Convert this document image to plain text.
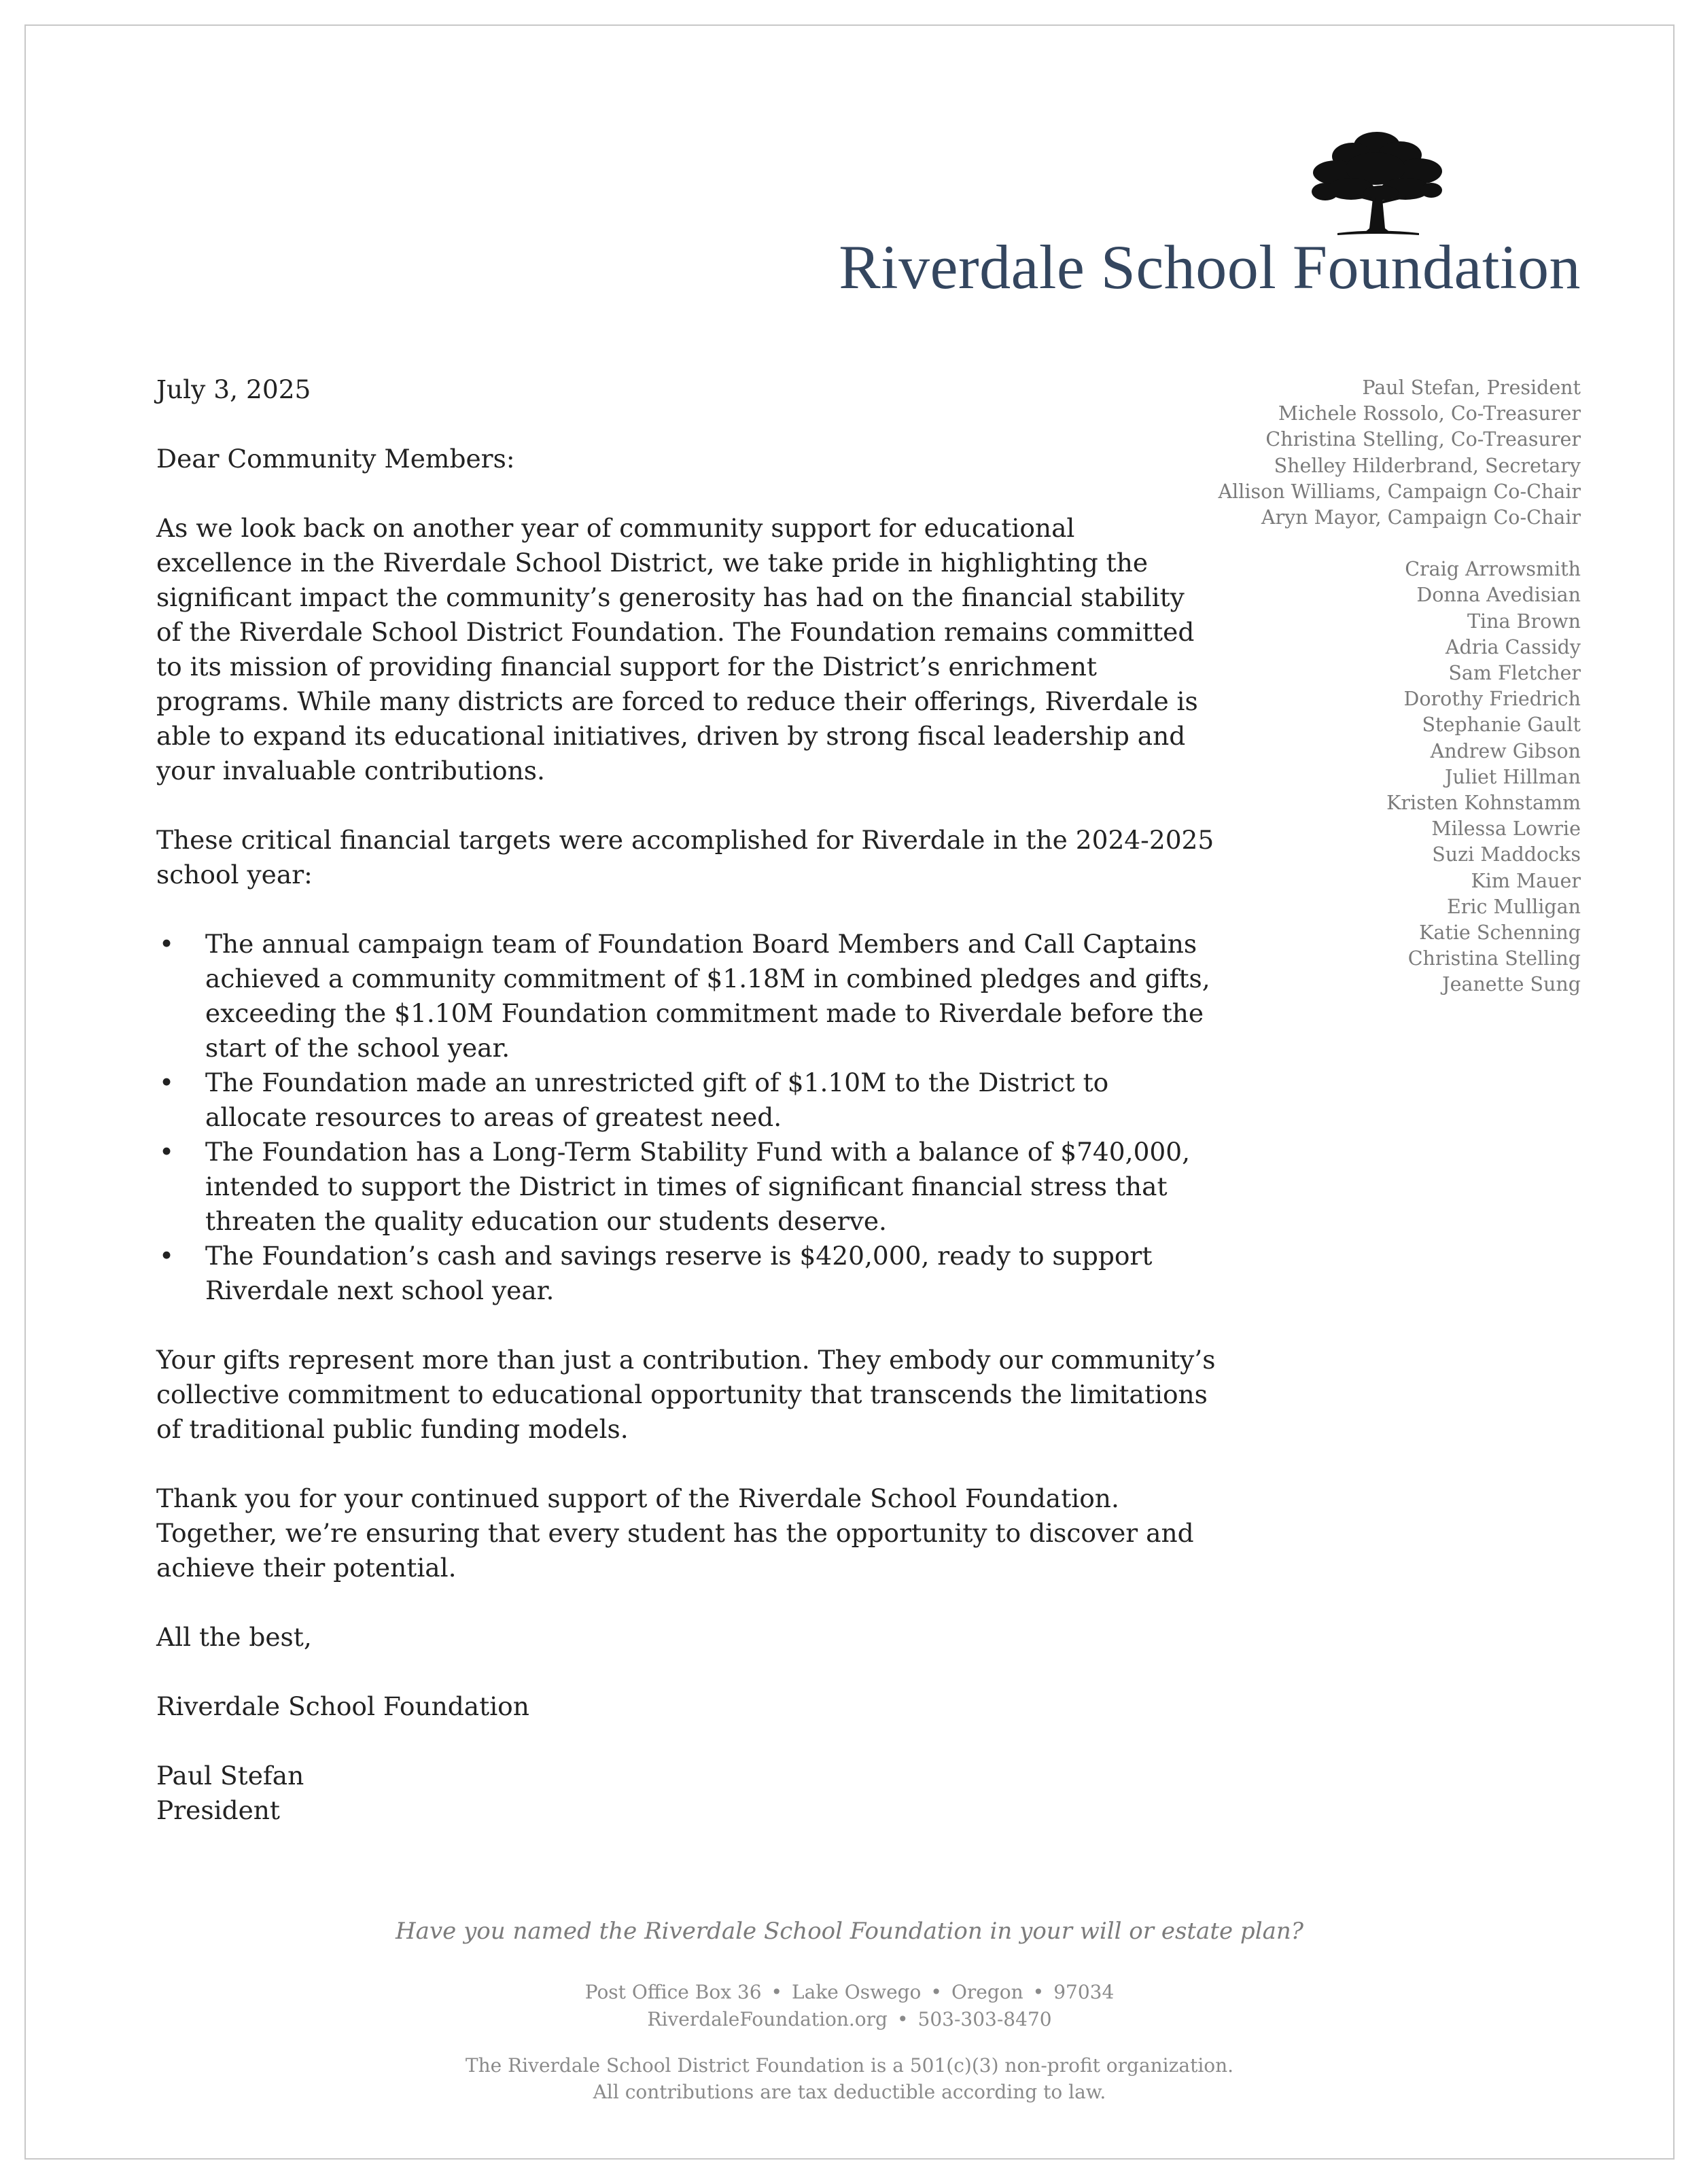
Riverdale School Foundation

July 3, 2025

Dear Community Members:

As we look back on another year of community support for educational excellence in the Riverdale School District, we take pride in highlighting the significant impact the community’s generosity has had on the financial stability of the Riverdale School District Foundation. The Foundation remains committed to its mission of providing financial support for the District’s enrichment programs. While many districts are forced to reduce their offerings, Riverdale is able to expand its educational initiatives, driven by strong fiscal leadership and your invaluable contributions.

These critical financial targets were accomplished for Riverdale in the 2024-2025 school year:

• The annual campaign team of Foundation Board Members and Call Captains achieved a community commitment of $1.18M in combined pledges and gifts, exceeding the $1.10M Foundation commitment made to Riverdale before the start of the school year.
• The Foundation made an unrestricted gift of $1.10M to the District to allocate resources to areas of greatest need.
• The Foundation has a Long-Term Stability Fund with a balance of $740,000, intended to support the District in times of significant financial stress that threaten the quality education our students deserve.
• The Foundation’s cash and savings reserve is $420,000, ready to support Riverdale next school year.

Your gifts represent more than just a contribution. They embody our community’s collective commitment to educational opportunity that transcends the limitations of traditional public funding models.

Thank you for your continued support of the Riverdale School Foundation. Together, we’re ensuring that every student has the opportunity to discover and achieve their potential.

All the best,

Riverdale School Foundation

Paul Stefan

President

Paul Stefan, President
Michele Rossolo, Co-Treasurer
Christina Stelling, Co-Treasurer
Shelley Hilderbrand, Secretary
Allison Williams, Campaign Co-Chair
Aryn Mayor, Campaign Co-Chair
Craig Arrowsmith
Donna Avedisian
Tina Brown
Adria Cassidy
Sam Fletcher
Dorothy Friedrich
Stephanie Gault
Andrew Gibson
Juliet Hillman
Kristen Kohnstamm
Milessa Lowrie
Suzi Maddocks
Kim Mauer
Eric Mulligan
Katie Schenning
Christina Stelling
Jeanette Sung
Have you named the Riverdale School Foundation in your will or estate plan?
Post Office Box 36 • Lake Oswego • Oregon • 97034
RiverdaleFoundation.org • 503-303-8470
The Riverdale School District Foundation is a 501(c)(3) non-profit organization.
All contributions are tax deductible according to law.
